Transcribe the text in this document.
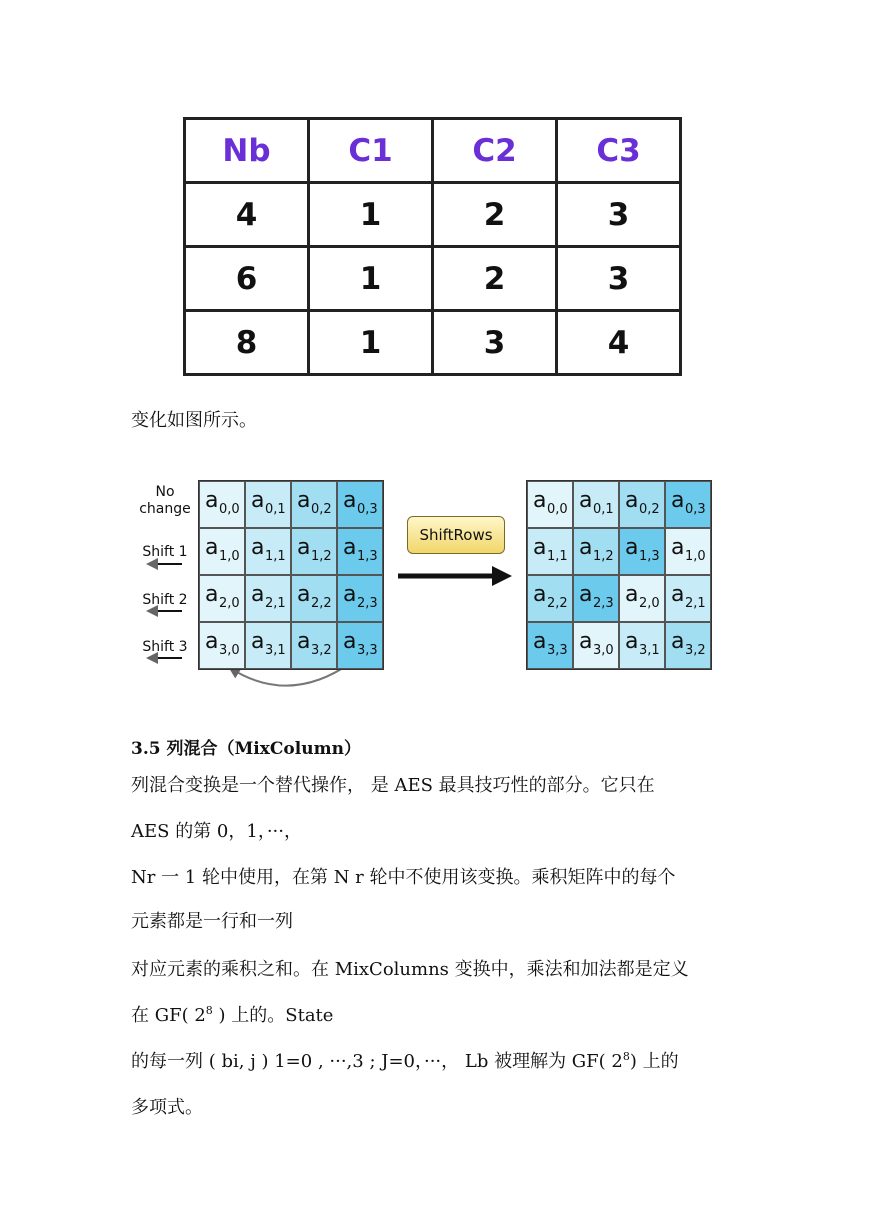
Nb	C1	C2	C3
4	1	2	3
6	1	2	3
8	1	3	4
变化如图所示。
No
change
Shift 1
Shift 2
Shift 3
ShiftRows
a 0,0 a 0,1 a 0,2 a 0,3
a 1,0 a 1,1 a 1,2 a 1,3
a 2,0 a 2,1 a 2,2 a 2,3
a 3,0 a 3,1 a 3,2 a 3,3
a 0,0 a 0,1 a 0,2 a 0,3
a 1,1 a 1,2 a 1,3 a 1,0
a 2,2 a 2,3 a 2,0 a 2,1
a 3,3 a 3,0 a 3,1 a 3,2
3.5 列混合（MixColumn）
列混合变换是一个替代操作， 是 AES 最具技巧性的部分。它只在
AES 的第 0，1，···，
Nr 一 1 轮中使用，在第 N r 轮中不使用该变换。乘积矩阵中的每个
元素都是一行和一列
对应元素的乘积之和。在 MixColumns 变换中，乘法和加法都是定义
在 GF( $2^8$ ) 上的。State
的每一列 ( bi, j ) 1=0 , ···,3 ; J=0，···， Lb 被理解为 GF( $2^8$) 上的
多项式。
